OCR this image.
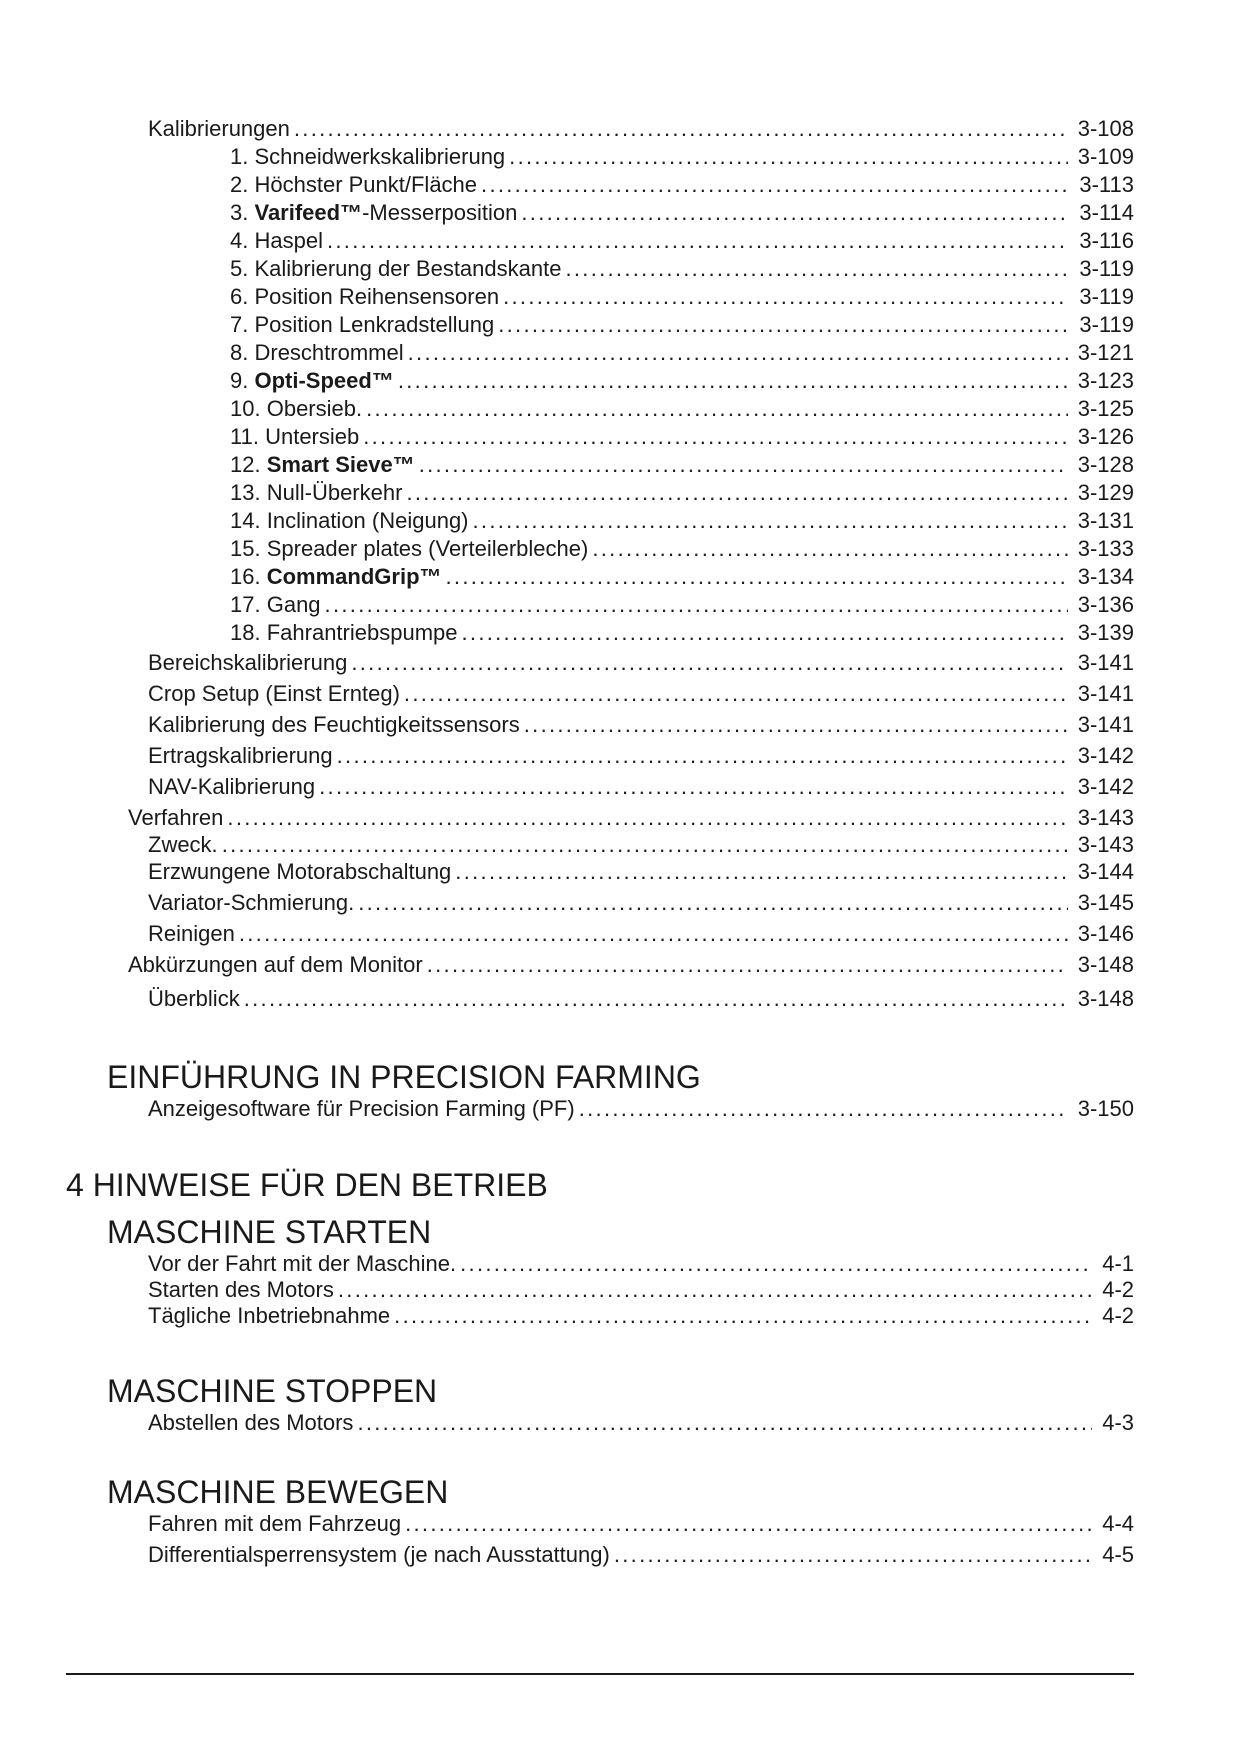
Kalibrierungen .....	3-108
1. Schneidwerkskalibrierung .....	3-109
2. Höchster Punkt/Fläche .....	3-113
3. Varifeed™-Messerposition .....	3-114
4. Haspel .....	3-116
5. Kalibrierung der Bestandskante .....	3-119
6. Position Reihensensoren .....	3-119
7. Position Lenkradstellung .....	3-119
8. Dreschtrommel .....	3-121
9. Opti-Speed™ .....	3-123
10. Obersieb. .....	3-125
11. Untersieb .....	3-126
12. Smart Sieve™ .....	3-128
13. Null-Überkehr .....	3-129
14. Inclination (Neigung) .....	3-131
15. Spreader plates (Verteilerbleche) .....	3-133
16. CommandGrip™ .....	3-134
17. Gang .....	3-136
18. Fahrantriebspumpe .....	3-139
Bereichskalibrierung .....	3-141
Crop Setup (Einst Ernteg) .....	3-141
Kalibrierung des Feuchtigkeitssensors .....	3-141
Ertragskalibrierung .....	3-142
NAV-Kalibrierung .....	3-142
Verfahren .....	3-143
Zweck. .....	3-143
Erzwungene Motorabschaltung .....	3-144
Variator-Schmierung. .....	3-145
Reinigen .....	3-146
Abkürzungen auf dem Monitor .....	3-148
Überblick .....	3-148
EINFÜHRUNG IN PRECISION FARMING
Anzeigesoftware für Precision Farming (PF) .....	3-150
4 HINWEISE FÜR DEN BETRIEB
MASCHINE STARTEN
Vor der Fahrt mit der Maschine. .....	4-1
Starten des Motors .....	4-2
Tägliche Inbetriebnahme .....	4-2
MASCHINE STOPPEN
Abstellen des Motors .....	4-3
MASCHINE BEWEGEN
Fahren mit dem Fahrzeug .....	4-4
Differentialsperrensystem (je nach Ausstattung) .....	4-5
